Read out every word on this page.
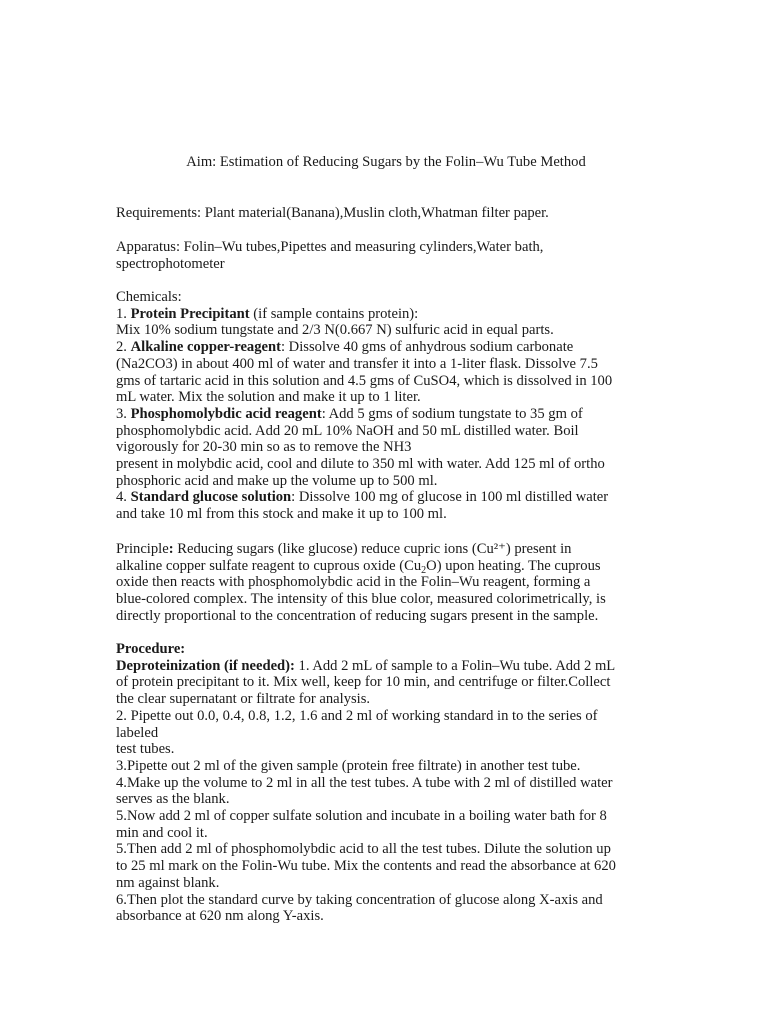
Aim: Estimation of Reducing Sugars by the Folin–Wu Tube Method
Requirements: Plant material(Banana),Muslin cloth,Whatman filter paper.
Apparatus: Folin–Wu tubes,Pipettes and measuring cylinders,Water bath,
spectrophotometer
Chemicals:
1. Protein Precipitant (if sample contains protein):
Mix 10% sodium tungstate and 2/3 N(0.667 N) sulfuric acid in equal parts.
2. Alkaline copper-reagent: Dissolve 40 gms of anhydrous sodium carbonate
(Na2CO3) in about 400 ml of water and transfer it into a 1-liter flask. Dissolve 7.5
gms of tartaric acid in this solution and 4.5 gms of CuSO4, which is dissolved in 100
mL water. Mix the solution and make it up to 1 liter.
3. Phosphomolybdic acid reagent: Add 5 gms of sodium tungstate to 35 gm of
phosphomolybdic acid. Add 20 mL 10% NaOH and 50 mL distilled water. Boil
vigorously for 20-30 min so as to remove the NH3
present in molybdic acid, cool and dilute to 350 ml with water. Add 125 ml of ortho
phosphoric acid and make up the volume up to 500 ml.
4. Standard glucose solution: Dissolve 100 mg of glucose in 100 ml distilled water
and take 10 ml from this stock and make it up to 100 ml.
Principle: Reducing sugars (like glucose) reduce cupric ions (Cu²⁺) present in
alkaline copper sulfate reagent to cuprous oxide $(Cu_2O)$ upon heating. The cuprous
oxide then reacts with phosphomolybdic acid in the Folin–Wu reagent, forming a
blue-colored complex. The intensity of this blue color, measured colorimetrically, is
directly proportional to the concentration of reducing sugars present in the sample.
Procedure:
Deproteinization (if needed): 1. Add 2 mL of sample to a Folin–Wu tube. Add 2 mL
of protein precipitant to it. Mix well, keep for 10 min, and centrifuge or filter.Collect
the clear supernatant or filtrate for analysis.
2. Pipette out 0.0, 0.4, 0.8, 1.2, 1.6 and 2 ml of working standard in to the series of
labeled
test tubes.
3.Pipette out 2 ml of the given sample (protein free filtrate) in another test tube.
4.Make up the volume to 2 ml in all the test tubes. A tube with 2 ml of distilled water
serves as the blank.
5.Now add 2 ml of copper sulfate solution and incubate in a boiling water bath for 8
min and cool it.
5.Then add 2 ml of phosphomolybdic acid to all the test tubes. Dilute the solution up
to 25 ml mark on the Folin-Wu tube. Mix the contents and read the absorbance at 620
nm against blank.
6.Then plot the standard curve by taking concentration of glucose along X-axis and
absorbance at 620 nm along Y-axis.
